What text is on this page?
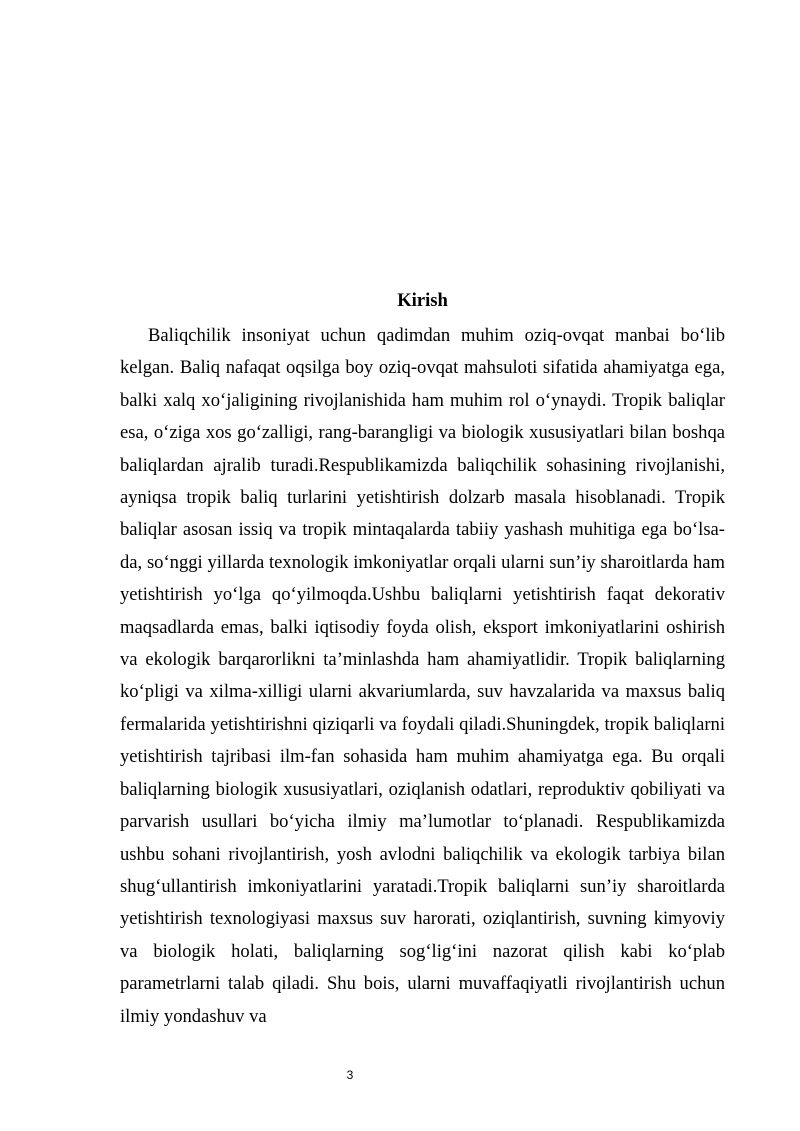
Kirish

Baliqchilik insoniyat uchun qadimdan muhim oziq-ovqat manbai bo‘lib kelgan. Baliq nafaqat oqsilga boy oziq-ovqat mahsuloti sifatida ahamiyatga ega, balki xalq xo‘jaligining rivojlanishida ham muhim rol o‘ynaydi. Tropik baliqlar esa, o‘ziga xos go‘zalligi, rang-barangligi va biologik xususiyatlari bilan boshqa baliqlardan ajralib turadi.Respublikamizda baliqchilik sohasining rivojlanishi, ayniqsa tropik baliq turlarini yetishtirish dolzarb masala hisoblanadi. Tropik baliqlar asosan issiq va tropik mintaqalarda tabiiy yashash muhitiga ega bo‘lsa-da, so‘nggi yillarda texnologik imkoniyatlar orqali ularni sun’iy sharoitlarda ham yetishtirish yo‘lga qo‘yilmoqda.Ushbu baliqlarni yetishtirish faqat dekorativ maqsadlarda emas, balki iqtisodiy foyda olish, eksport imkoniyatlarini oshirish va ekologik barqarorlikni ta’minlashda ham ahamiyatlidir. Tropik baliqlarning ko‘pligi va xilma-xilligi ularni akvariumlarda, suv havzalarida va maxsus baliq fermalarida yetishtirishni qiziqarli va foydali qiladi.Shuningdek, tropik baliqlarni yetishtirish tajribasi ilm-fan sohasida ham muhim ahamiyatga ega. Bu orqali baliqlarning biologik xususiyatlari, oziqlanish odatlari, reproduktiv qobiliyati va parvarish usullari bo‘yicha ilmiy ma’lumotlar to‘planadi. Respublikamizda ushbu sohani rivojlantirish, yosh avlodni baliqchilik va ekologik tarbiya bilan shug‘ullantirish imkoniyatlarini yaratadi.Tropik baliqlarni sun’iy sharoitlarda yetishtirish texnologiyasi maxsus suv harorati, oziqlantirish, suvning kimyoviy va biologik holati, baliqlarning sog‘lig‘ini nazorat qilish kabi ko‘plab parametrlarni talab qiladi. Shu bois, ularni muvaffaqiyatli rivojlantirish uchun ilmiy yondashuv va

3
